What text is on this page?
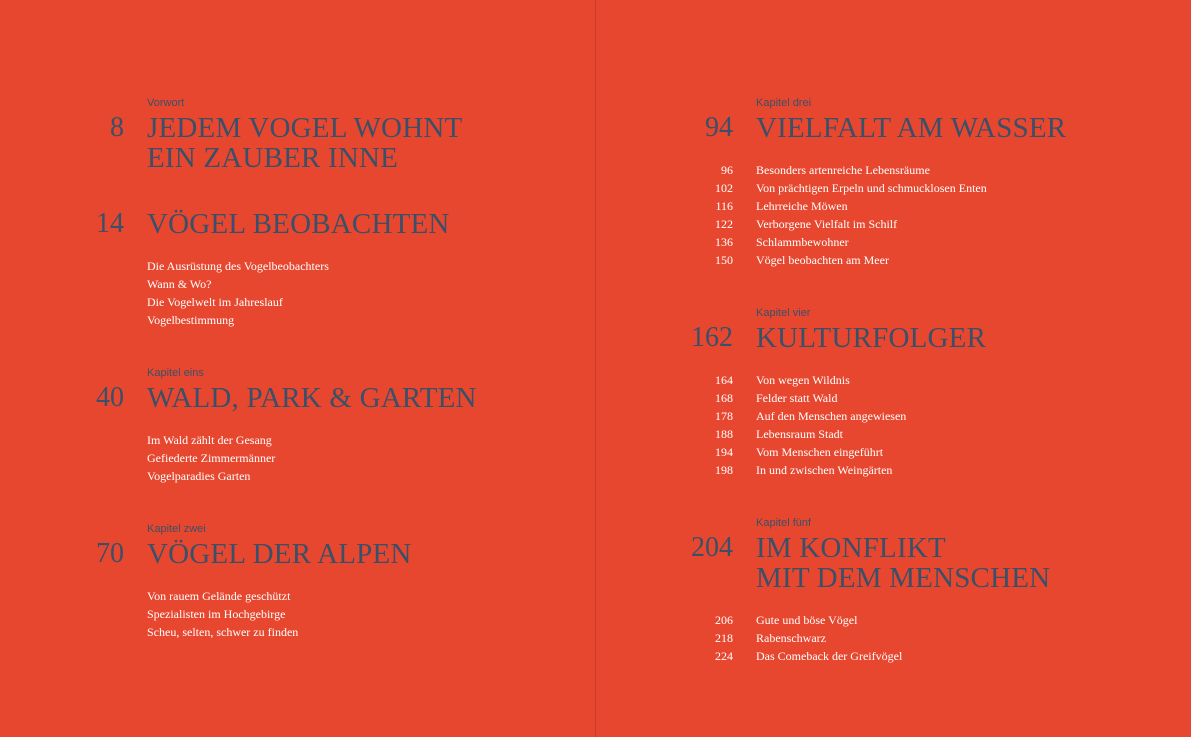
Vorwort
8 JEDEM VOGEL WOHNT
EIN ZAUBER INNE
14 VÖGEL BEOBACHTEN
Die Ausrüstung des Vogelbeobachters
Wann & Wo?
Die Vogelwelt im Jahreslauf
Vogelbestimmung
Kapitel eins
40 WALD, PARK & GARTEN
Im Wald zählt der Gesang
Gefiederte Zimmermänner
Vogelparadies Garten
Kapitel zwei
70 VÖGEL DER ALPEN
Von rauem Gelände geschützt
Spezialisten im Hochgebirge
Scheu, selten, schwer zu finden
Kapitel drei
94 VIELFALT AM WASSER
96 Besonders artenreiche Lebensräume
102 Von prächtigen Erpeln und schmucklosen Enten
116 Lehrreiche Möwen
122 Verborgene Vielfalt im Schilf
136 Schlammbewohner
150 Vögel beobachten am Meer
Kapitel vier
162 KULTURFOLGER
164 Von wegen Wildnis
168 Felder statt Wald
178 Auf den Menschen angewiesen
188 Lebensraum Stadt
194 Vom Menschen eingeführt
198 In und zwischen Weingärten
Kapitel fünf
204 IM KONFLIKT
MIT DEM MENSCHEN
206 Gute und böse Vögel
218 Rabenschwarz
224 Das Comeback der Greifvögel
